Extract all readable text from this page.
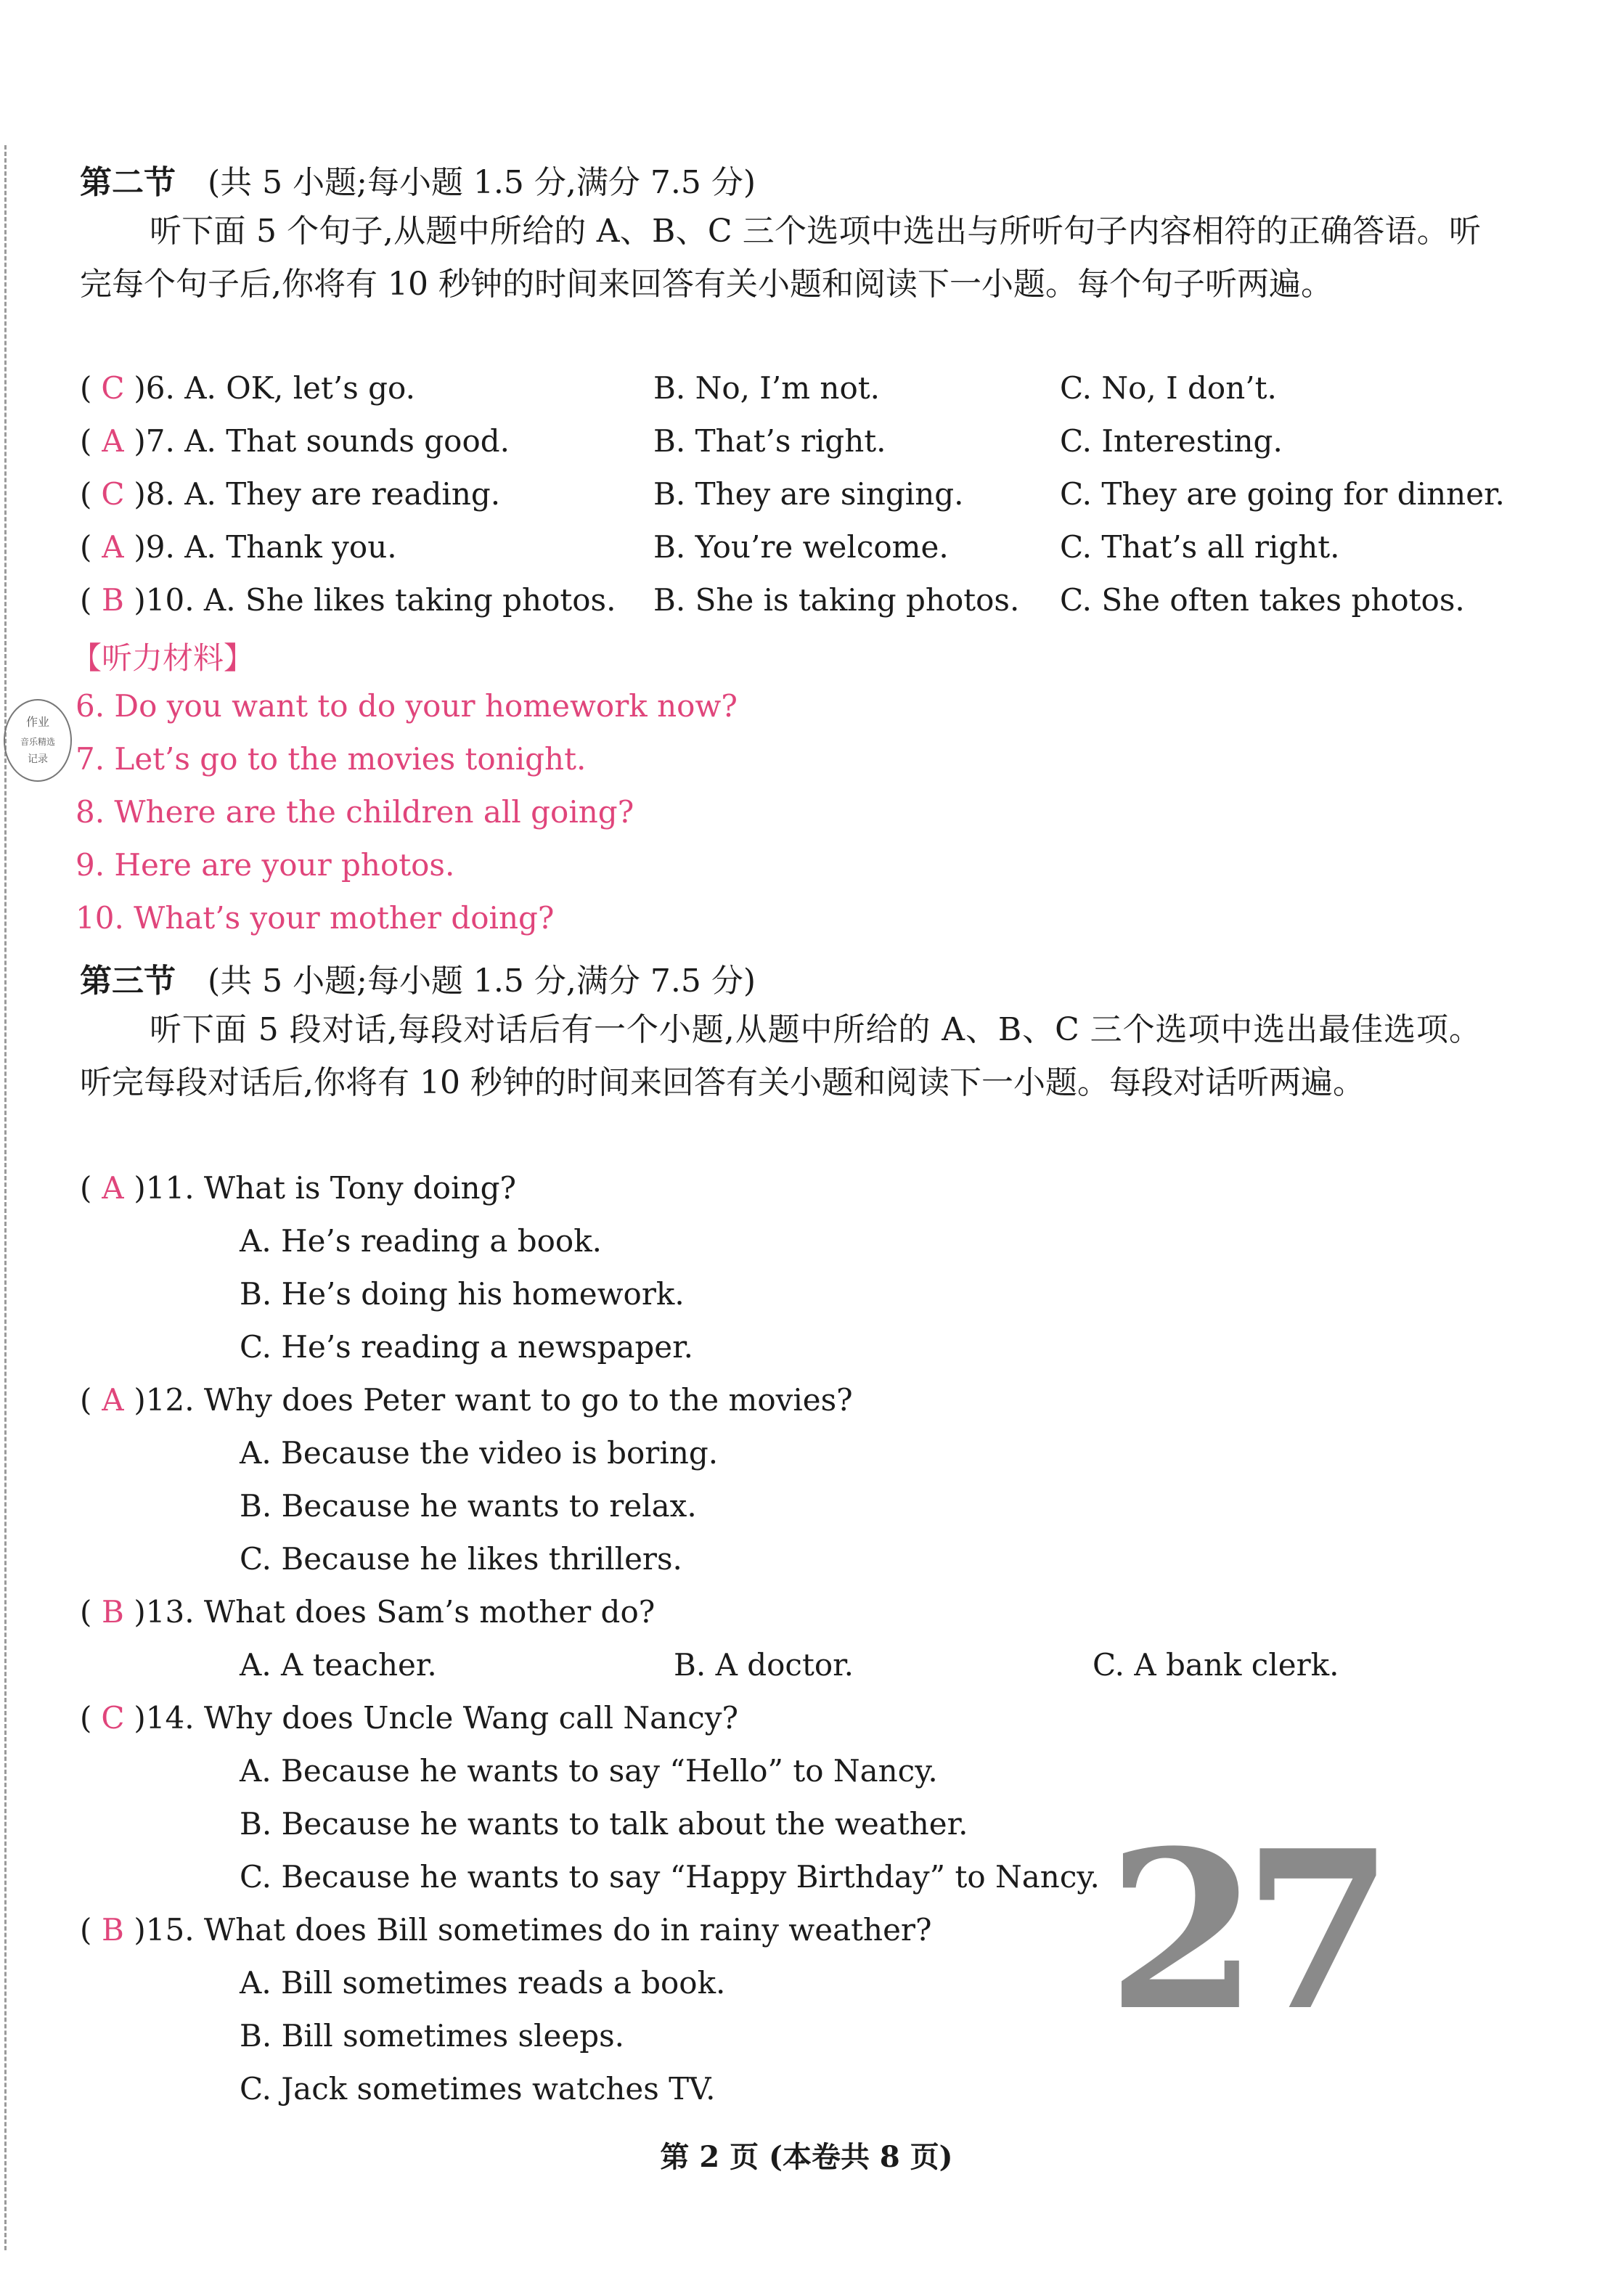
作业
音乐精选
记录
第二节 (共 5 小题;每小题 1.5 分,满分 7.5 分)
听下面 5 个句子,从题中所给的 A、B、C 三个选项中选出与所听句子内容相符的正确答语。听完每个句子后,你将有 10 秒钟的时间来回答有关小题和阅读下一小题。每个句子听两遍。
( C )6. A. OK, let’s go.	B. No, I’m not.	C. No, I don’t.
( A )7. A. That sounds good.	B. That’s right.	C. Interesting.
( C )8. A. They are reading.	B. They are singing.	C. They are going for dinner.
( A )9. A. Thank you.	B. You’re welcome.	C. That’s all right.
( B )10. A. She likes taking photos. B. She is taking photos. C. She often takes photos.
【听力材料】
6. Do you want to do your homework now?
7. Let’s go to the movies tonight.
8. Where are the children all going?
9. Here are your photos.
10. What’s your mother doing?
第三节 (共 5 小题;每小题 1.5 分,满分 7.5 分)
听下面 5 段对话,每段对话后有一个小题,从题中所给的 A、B、C 三个选项中选出最佳选项。听完每段对话后,你将有 10 秒钟的时间来回答有关小题和阅读下一小题。每段对话听两遍。
( A )11. What is Tony doing?
A. He’s reading a book.
B. He’s doing his homework.
C. He’s reading a newspaper.
( A )12. Why does Peter want to go to the movies?
A. Because the video is boring.
B. Because he wants to relax.
C. Because he likes thrillers.
( B )13. What does Sam’s mother do?
A. A teacher.	B. A doctor.	C. A bank clerk.
( C )14. Why does Uncle Wang call Nancy?
A. Because he wants to say “Hello” to Nancy.
B. Because he wants to talk about the weather.
C. Because he wants to say “Happy Birthday” to Nancy.
( B )15. What does Bill sometimes do in rainy weather?
A. Bill sometimes reads a book.
B. Bill sometimes sleeps.
C. Jack sometimes watches TV.
27
第 2 页 (本卷共 8 页)
